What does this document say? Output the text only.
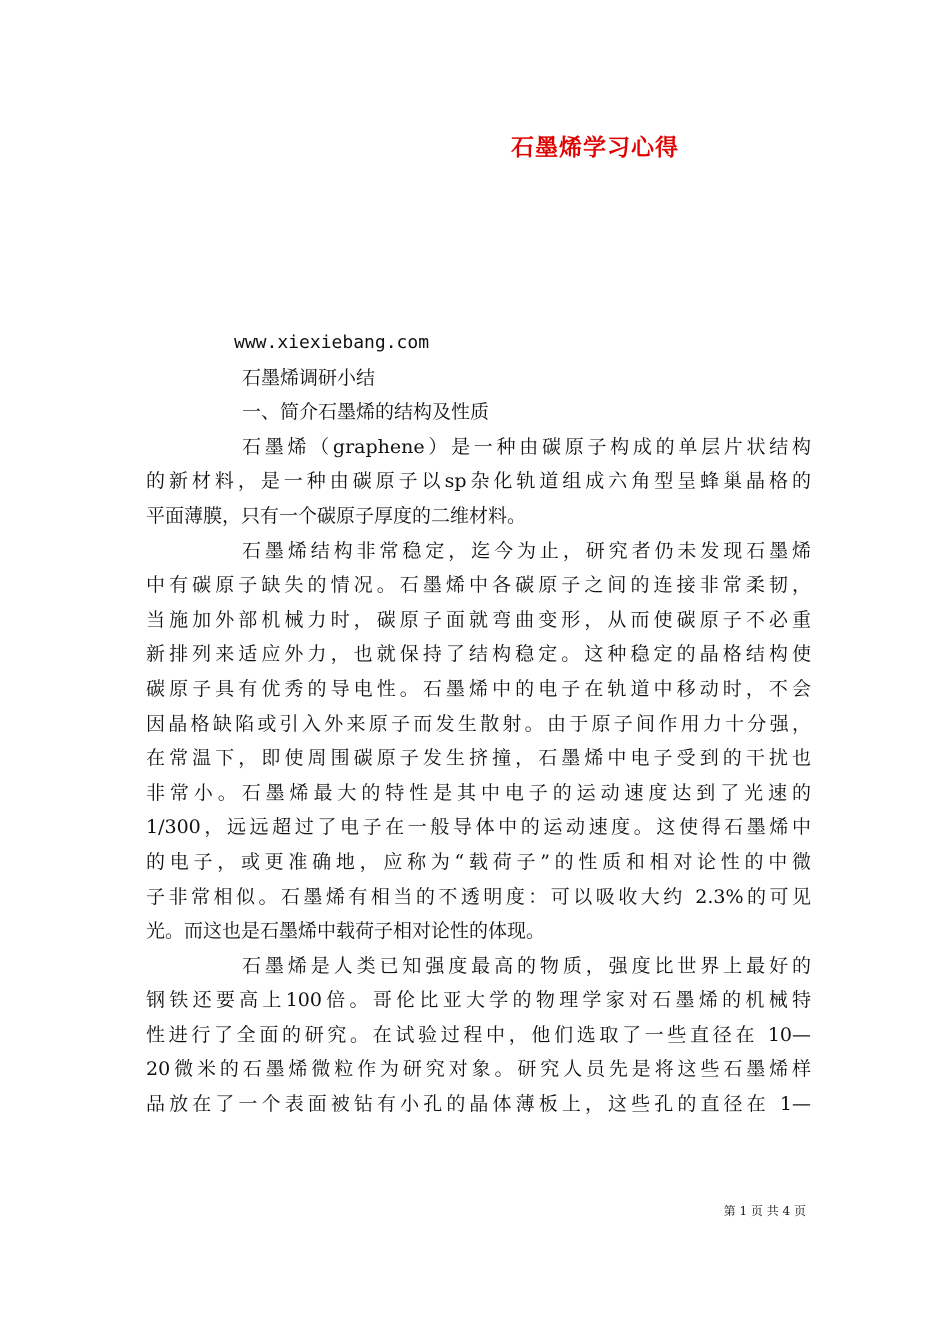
石墨烯学习心得

www.xiexiebang.com

石墨烯调研小结

一、简介石墨烯的结构及性质

石墨烯（graphene）是一种由碳原子构成的单层片状结构

的新材料，是一种由碳原子以sp杂化轨道组成六角型呈蜂巢晶格的

平面薄膜，只有一个碳原子厚度的二维材料。

石墨烯结构非常稳定，迄今为止，研究者仍未发现石墨烯

中有碳原子缺失的情况。石墨烯中各碳原子之间的连接非常柔韧，

当施加外部机械力时，碳原子面就弯曲变形，从而使碳原子不必重

新排列来适应外力，也就保持了结构稳定。这种稳定的晶格结构使

碳原子具有优秀的导电性。石墨烯中的电子在轨道中移动时，不会

因晶格缺陷或引入外来原子而发生散射。由于原子间作用力十分强，

在常温下，即使周围碳原子发生挤撞，石墨烯中电子受到的干扰也

非常小。石墨烯最大的特性是其中电子的运动速度达到了光速的

1/300，远远超过了电子在一般导体中的运动速度。这使得石墨烯中

的电子，或更准确地，应称为“载荷子”的性质和相对论性的中微

子非常相似。石墨烯有相当的不透明度：可以吸收大约 2.3%的可见

光。而这也是石墨烯中载荷子相对论性的体现。

石墨烯是人类已知强度最高的物质，强度比世界上最好的

钢铁还要高上100倍。哥伦比亚大学的物理学家对石墨烯的机械特

性进行了全面的研究。在试验过程中，他们选取了一些直径在 10—

20微米的石墨烯微粒作为研究对象。研究人员先是将这些石墨烯样

品放在了一个表面被钻有小孔的晶体薄板上，这些孔的直径在 1—

第 1 页 共 4 页
